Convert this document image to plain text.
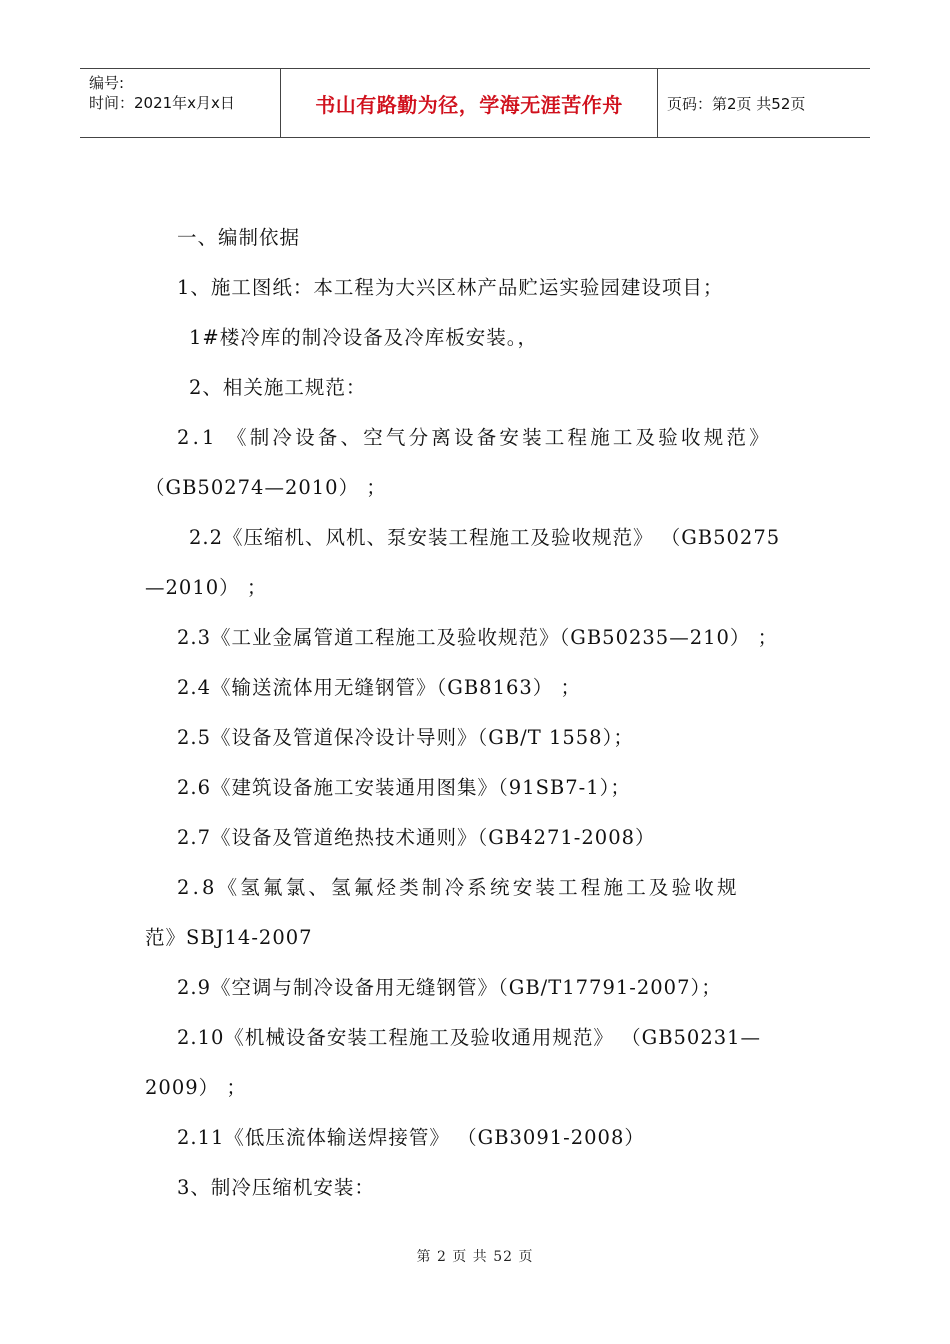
编号:
时间：2021年x月x日	书山有路勤为径，学海无涯苦作舟	页码：第2页 共52页
一、编制依据
1、施工图纸：本工程为大兴区林产品贮运实验园建设项目；
1#楼冷库的制冷设备及冷库板安装。，
2、相关施工规范：
2.1 《制冷设备、空气分离设备安装工程施工及验收规范》
（GB50274—2010） ；
2.2《压缩机、风机、泵安装工程施工及验收规范》 （GB50275
—2010） ；
2.3《工业金属管道工程施工及验收规范》（GB50235—210） ；
2.4《输送流体用无缝钢管》（GB8163） ；
2.5《设备及管道保冷设计导则》（GB/T 1558）；
2.6《建筑设备施工安装通用图集》（91SB7-1）；
2.7《设备及管道绝热技术通则》（GB4271-2008）
2.8《氢氟氯、氢氟烃类制冷系统安装工程施工及验收规
范》SBJ14-2007
2.9《空调与制冷设备用无缝钢管》（GB/T17791-2007）；
2.10《机械设备安装工程施工及验收通用规范》 （GB50231—
2009） ；
2.11《低压流体输送焊接管》 （GB3091-2008）
3、制冷压缩机安装：
第 2 页 共 52 页
